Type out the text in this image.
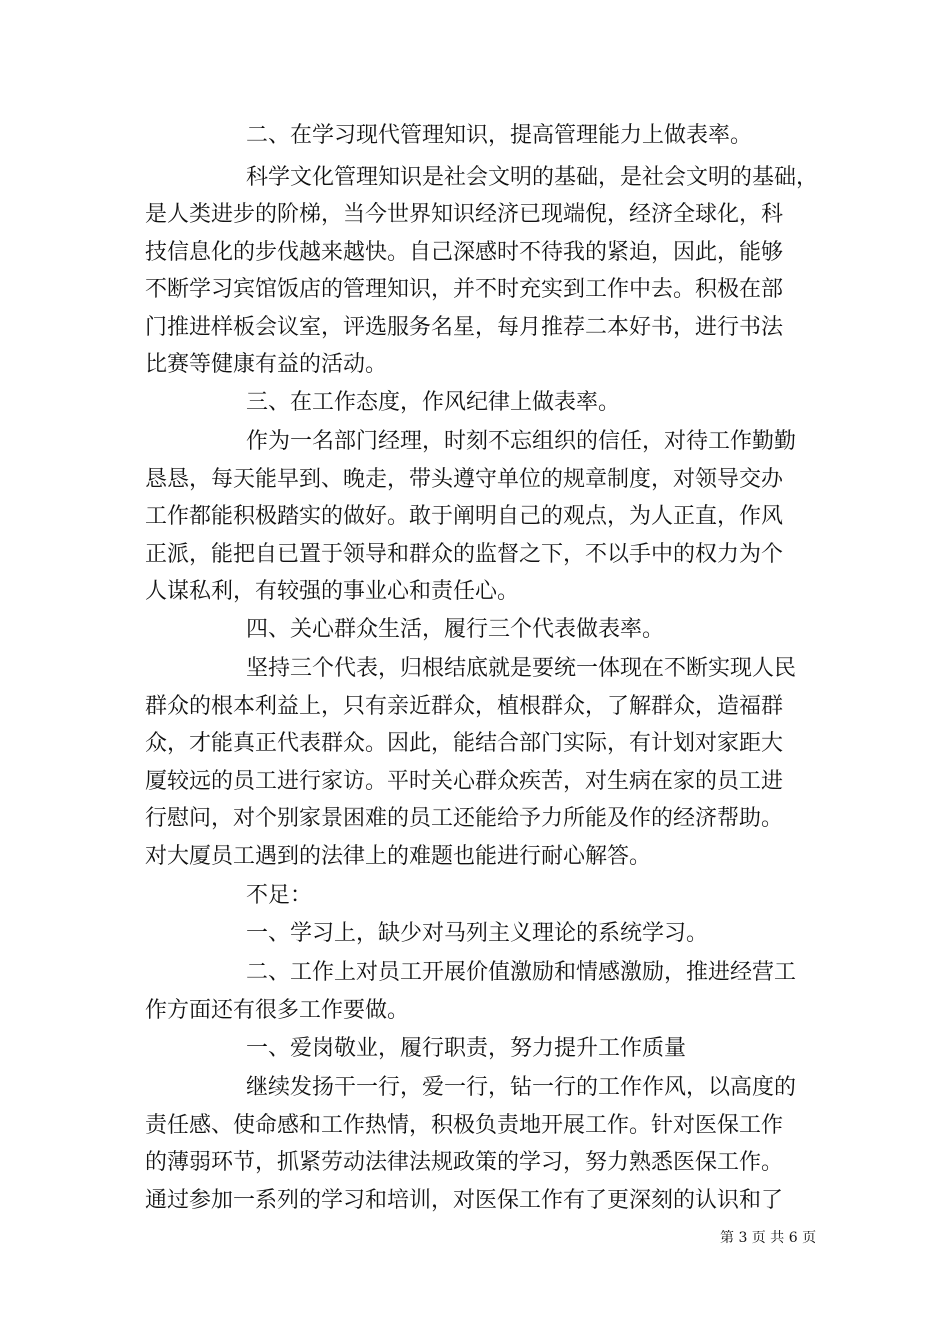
二、在学习现代管理知识，提高管理能力上做表率。
科学文化管理知识是社会文明的基础，是社会文明的基础，
是人类进步的阶梯，当今世界知识经济已现端倪，经济全球化，科
技信息化的步伐越来越快。自己深感时不待我的紧迫，因此，能够
不断学习宾馆饭店的管理知识，并不时充实到工作中去。积极在部
门推进样板会议室，评选服务名星，每月推荐二本好书，进行书法
比赛等健康有益的活动。
三、在工作态度，作风纪律上做表率。
作为一名部门经理，时刻不忘组织的信任，对待工作勤勤
恳恳，每天能早到、晚走，带头遵守单位的规章制度，对领导交办
工作都能积极踏实的做好。敢于阐明自己的观点，为人正直，作风
正派，能把自已置于领导和群众的监督之下，不以手中的权力为个
人谋私利，有较强的事业心和责任心。
四、关心群众生活，履行三个代表做表率。
坚持三个代表，归根结底就是要统一体现在不断实现人民
群众的根本利益上，只有亲近群众，植根群众，了解群众，造福群
众，才能真正代表群众。因此，能结合部门实际，有计划对家距大
厦较远的员工进行家访。平时关心群众疾苦，对生病在家的员工进
行慰问，对个别家景困难的员工还能给予力所能及作的经济帮助。
对大厦员工遇到的法律上的难题也能进行耐心解答。
不足：
一、学习上，缺少对马列主义理论的系统学习。
二、工作上对员工开展价值激励和情感激励，推进经营工
作方面还有很多工作要做。
一、爱岗敬业，履行职责，努力提升工作质量
继续发扬干一行，爱一行，钻一行的工作作风，以高度的
责任感、使命感和工作热情，积极负责地开展工作。针对医保工作
的薄弱环节，抓紧劳动法律法规政策的学习，努力熟悉医保工作。
通过参加一系列的学习和培训，对医保工作有了更深刻的认识和了
第 3 页 共 6 页
